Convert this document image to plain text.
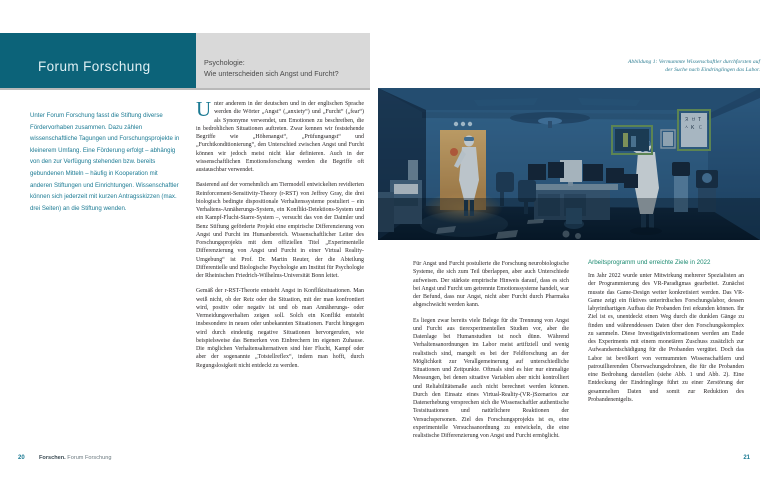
Forum Forschung	Psychologie:
Wie unterscheiden sich Angst und Furcht?
Abbildung 1: Vermummte Wissenschaftler durchforsten auf
der Suche nach Eindringlingen das Labor.
ヌ ㅂ T
ㅅ K ㄷ
Unter Forum Forschung fasst die Stiftung diverse Fördervorhaben zusammen. Dazu zählen wissenschaftliche Tagungen und Forschungsprojekte in kleinerem Umfang. Eine Förderung erfolgt – abhängig von den zur Verfügung stehenden bzw. bereits gebundenen Mitteln – häufig in Kooperation mit anderen Stiftungen und Einrichtungen. Wissenschaftler können sich jederzeit mit kurzen Antragsskizzen (max. drei Seiten) an die Stiftung wenden.

Unter anderem in der deutschen und in der englischen Sprache werden die Wörter „Angst“ („anxiety“) und „Furcht“ („fear“) als Synonyme verwendet, um Emotionen zu beschreiben, die in bedrohlichen Situationen auftreten. Zwar kennen wir feststehende Begriffe wie „Höhenangst“, „Prüfungsangst“ und „Furchtkonditionierung“, den Unterschied zwischen Angst und Furcht können wir jedoch meist nicht klar definieren. Auch in der wissenschaftlichen Emotionsforschung werden die Begriffe oft austauschbar verwendet.

Basierend auf der vornehmlich am Tiermodell entwickelten revidierten Reinforcement-Sensitivity-Theory (r-RST) von Jeffrey Gray, die drei biologisch bedingte dispositionale Verhaltenssysteme postuliert – ein Verhaltens-Annäherungs-System, ein Konflikt-Detektions-System und ein Kampf-Flucht-Starre-System –, versucht das von der Daimler und Benz Stiftung geförderte Projekt eine empirische Differenzierung von Angst und Furcht im Humanbereich. Wissenschaftlicher Leiter des Forschungsprojekts mit dem offiziellen Titel „Experimentelle Differenzierung von Angst und Furcht in einer Virtual Reality-Umgebung“ ist Prof. Dr. Martin Reuter, der die Abteilung Differentielle und Biologische Psychologie am Institut für Psychologie der Rheinischen Friedrich-Wilhelms-Universität Bonn leitet.

Gemäß der r-RST-Theorie entsteht Angst in Konfliktsituationen. Man weiß nicht, ob der Reiz oder die Situation, mit der man konfrontiert wird, positiv oder negativ ist und ob man Annäherungs- oder Vermeidungsverhalten zeigen soll. Solch ein Konflikt entsteht insbesondere in neuen oder unbekannten Situationen. Furcht hingegen wird durch eindeutig negative Situationen hervorgerufen, wie beispielsweise das Bemerken von Einbrechern im eigenen Zuhause. Die möglichen Verhaltensalternativen sind hier Flucht, Kampf oder aber der sogenannte „Totstellreflex“, indem man hofft, durch Regungslosigkeit nicht entdeckt zu werden.

Für Angst und Furcht postulierte die Forschung neurobiologische Systeme, die sich zum Teil überlappen, aber auch Unterschiede aufweisen. Der stärkste empirische Hinweis darauf, dass es sich bei Angst und Furcht um getrennte Emotionssysteme handelt, war der Befund, dass nur Angst, nicht aber Furcht durch Pharmaka abgeschwächt werden kann.

Es liegen zwar bereits viele Belege für die Trennung von Angst und Furcht aus tierexperimentellen Studien vor, aber die Datenlage bei Humanstudien ist noch dünn. Während Verhaltensanordnungen im Labor meist artifiziell und wenig realistisch sind, mangelt es bei der Feldforschung an der Möglichkeit zur Verallgemeinerung auf unterschiedliche Situationen und Zeitpunkte. Oftmals sind es hier nur einmalige Messungen, bei denen situative Variablen aber nicht kontrolliert und Reliabilitätsmaße auch nicht berechnet werden können. Durch den Einsatz eines Virtual-Reality-(VR-)Szenarios zur Datenerhebung versprechen sich die Wissenschaftler authentische Testsituationen und natürlichere Reaktionen der Versuchspersonen. Ziel des Forschungsprojekts ist es, eine experimentelle Versuchsanordnung zu entwickeln, die eine realistische Differenzierung von Angst und Furcht ermöglicht.

Arbeitsprogramm und erreichte Ziele in 2022

Im Jahr 2022 wurde unter Mitwirkung mehrerer Spezialisten an der Programmierung des VR-Paradigmas gearbeitet. Zunächst musste das Game-Design weiter konkretisiert werden. Das VR-Game zeigt ein fiktives unterirdisches Forschungslabor, dessen labyrinthartigen Aufbau die Probanden frei erkunden können. Ihr Ziel ist es, unentdeckt einen Weg durch die dunklen Gänge zu finden und währenddessen Daten über den Forschungskomplex zu sammeln. Diese Investigativinformationen werden am Ende des Experiments mit einem monetären Zuschuss zusätzlich zur Aufwandsentschädigung für die Probanden vergütet. Doch das Labor ist bevölkert von vermummten Wissenschaftlern und patrouillierenden Überwachungsdrohnen, die für die Probanden eine Bedrohung darstellen (siehe Abb. 1 und Abb. 2). Eine Entdeckung der Eindringlinge führt zu einer Zerstörung der gesammelten Daten und somit zur Reduktion des Probandenentgelts.

20	Forschen. Forum Forschung	21
